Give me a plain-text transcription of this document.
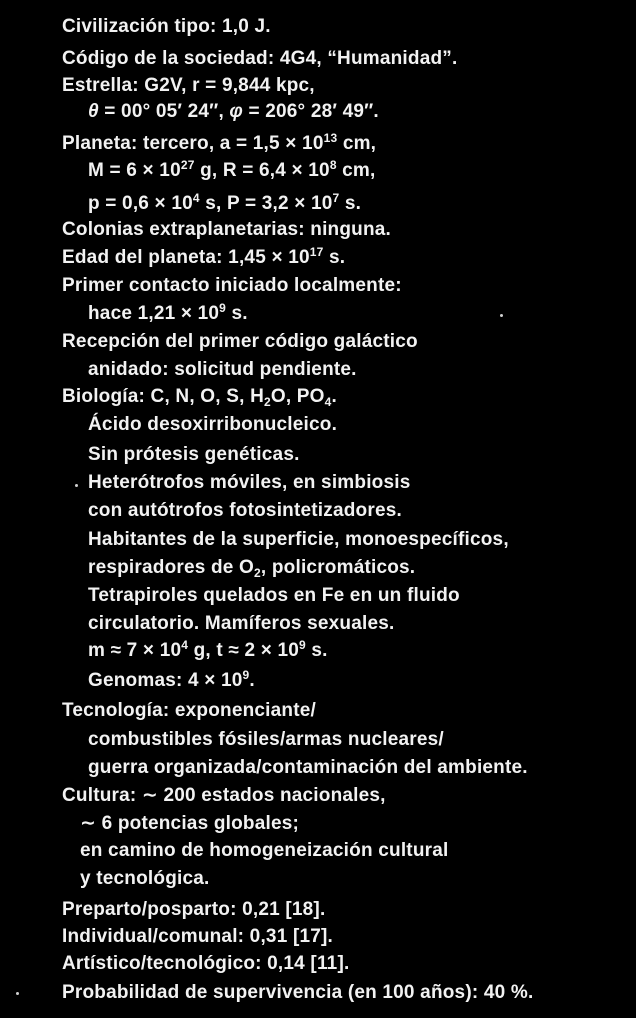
Civilización tipo: 1,0 J.
Código de la sociedad: 4G4, “Humanidad”.
Estrella: G2V, r = 9,844 kpc,
θ = 00° 05′ 24″, φ = 206° 28′ 49″.
Planeta: tercero, $a = 1,5 \times 10^{13}$ cm,
$M = 6 \times 10^{27}$ g, $R = 6,4 \times 10^8$ cm,
$p = 0,6 \times 10^4$ s, $P = 3,2 \times 10^7$ s.
Colonias extraplanetarias: ninguna.
Edad del planeta: $1,45 \times 10^{17}$ s.
Primer contacto iniciado localmente:
hace $1,21 \times 10^9$ s.
Recepción del primer código galáctico
anidado: solicitud pendiente.
Biología: C, N, O, S, $H_2O$, $PO_4$.
Ácido desoxirribonucleico.
Sin prótesis genéticas.
Heterótrofos móviles, en simbiosis
con autótrofos fotosintetizadores.
Habitantes de la superficie, monoespecíficos,
respiradores de $O_2$, policromáticos.
Tetrapiroles quelados en Fe en un fluido
circulatorio. Mamíferos sexuales.
$m \approx 7 \times 10^4$ g, $t \approx 2 \times 10^9$ s.
Genomas: $4 \times 10^9$.
Tecnología: exponenciante/
combustibles fósiles/armas nucleares/
guerra organizada/contaminación del ambiente.
Cultura: ∼ 200 estados nacionales,
∼ 6 potencias globales;
en camino de homogeneización cultural
y tecnológica.
Preparto/posparto: 0,21 [18].
Individual/comunal: 0,31 [17].
Artístico/tecnológico: 0,14 [11].
Probabilidad de supervivencia (en 100 años): 40 %.
